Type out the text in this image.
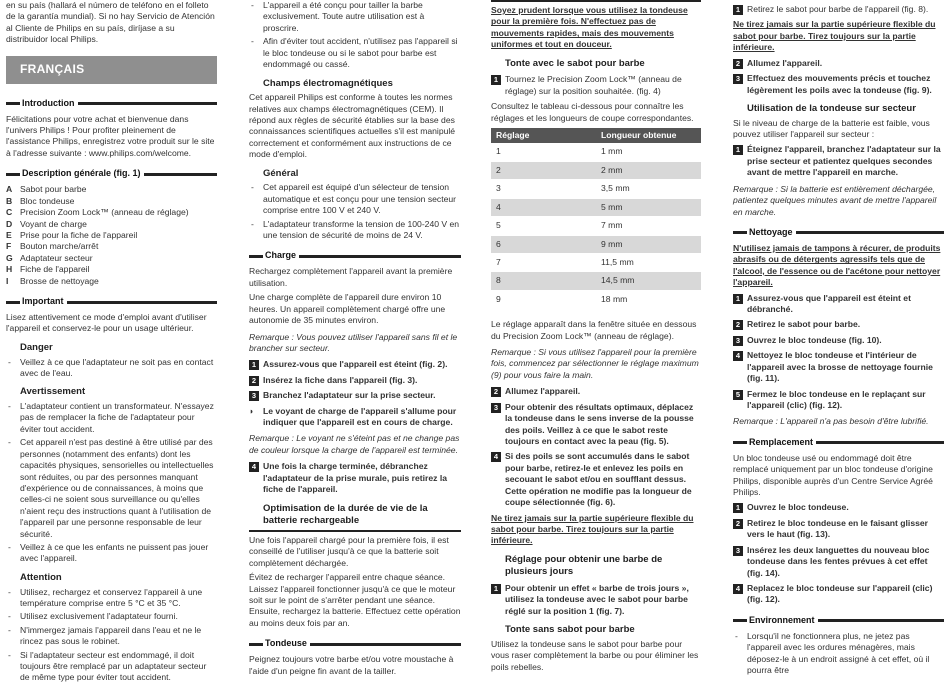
en su país (hallará el número de teléfono en el folleto de la garantía mundial). Si no hay Servicio de Atención al Cliente de Philips en su país, diríjase a su distribuidor local Philips.

FRANÇAIS
Introduction

Félicitations pour votre achat et bienvenue dans l'univers Philips ! Pour profiter pleinement de l'assistance Philips, enregistrez votre produit sur le site à l'adresse suivante : www.philips.com/welcome.

Description générale (fig. 1)
A Sabot pour barbe
B Bloc tondeuse
C Precision Zoom Lock™ (anneau de réglage)
D Voyant de charge
E Prise pour la fiche de l'appareil
F	Bouton marche/arrêt
G Adaptateur secteur
H Fiche de l'appareil
I	Brosse de nettoyage
Important

Lisez attentivement ce mode d'emploi avant d'utiliser l'appareil et conservez-le pour un usage ultérieur.

Danger
- Veillez à ce que l'adaptateur ne soit pas en contact avec de l'eau.
Avertissement
- L'adaptateur contient un transformateur. N'essayez pas de remplacer la fiche de l'adaptateur pour éviter tout accident.
- Cet appareil n'est pas destiné à être utilisé par des personnes (notamment des enfants) dont les capacités physiques, sensorielles ou intellectuelles sont réduites, ou par des personnes manquant d'expérience ou de connaissances, à moins que celles-ci ne soient sous surveillance ou qu'elles n'aient reçu des instructions quant à l'utilisation de l'appareil par une personne responsable de leur sécurité.
- Veillez à ce que les enfants ne puissent pas jouer avec l'appareil.
Attention
- Utilisez, rechargez et conservez l'appareil à une température comprise entre 5 °C et 35 °C.
- Utilisez exclusivement l'adaptateur fourni.
- N'immergez jamais l'appareil dans l'eau et ne le rincez pas sous le robinet.
- Si l'adaptateur secteur est endommagé, il doit toujours être remplacé par un adaptateur secteur de même type pour éviter tout accident.
- L'appareil a été conçu pour tailler la barbe exclusivement. Toute autre utilisation est à proscrire.
- Afin d'éviter tout accident, n'utilisez pas l'appareil si le bloc tondeuse ou si le sabot pour barbe est endommagé ou cassé.
Champs électromagnétiques

Cet appareil Philips est conforme à toutes les normes relatives aux champs électromagnétiques (CEM). Il répond aux règles de sécurité établies sur la base des connaissances scientifiques actuelles s'il est manipulé correctement et conformément aux instructions de ce mode d'emploi.

Général
- Cet appareil est équipé d'un sélecteur de tension automatique et est conçu pour une tension secteur comprise entre 100 V et 240 V.
- L'adaptateur transforme la tension de 100-240 V en une tension de sécurité de moins de 24 V.
Charge

Rechargez complètement l'appareil avant la première utilisation.

Une charge complète de l'appareil dure environ 10 heures. Un appareil complètement chargé offre une autonomie de 35 minutes environ.

Remarque : Vous pouvez utiliser l'appareil sans fil et le brancher sur secteur.

1 Assurez-vous que l'appareil est éteint (fig. 2).
2 Insérez la fiche dans l'appareil (fig. 3).
3 Branchez l'adaptateur sur la prise secteur.
◗	Le voyant de charge de l'appareil s'allume pour indiquer que l'appareil est en cours de charge.

Remarque : Le voyant ne s'éteint pas et ne change pas de couleur lorsque la charge de l'appareil est terminée.

4 Une fois la charge terminée, débranchez l'adaptateur de la prise murale, puis retirez la fiche de l'appareil.
Optimisation de la durée de vie de la batterie rechargeable

Une fois l'appareil chargé pour la première fois, il est conseillé de l'utiliser jusqu'à ce que la batterie soit complètement déchargée.

Évitez de recharger l'appareil entre chaque séance. Laissez l'appareil fonctionner jusqu'à ce que le moteur soit sur le point de s'arrêter pendant une séance. Ensuite, rechargez la batterie. Effectuez cette opération au moins deux fois par an.

Tondeuse

Peignez toujours votre barbe et/ou votre moustache à l'aide d'un peigne fin avant de la tailler.

Soyez prudent lorsque vous utilisez la tondeuse pour la première fois. N'effectuez pas de mouvements rapides, mais des mouvements uniformes et tout en douceur.

Tonte avec le sabot pour barbe
1 Tournez le Precision Zoom Lock™ (anneau de réglage) sur la position souhaitée. (fig. 4)

Consultez le tableau ci-dessous pour connaître les réglages et les longueurs de coupe correspondantes.

Réglage	Longueur obtenue
1	1 mm
2	2 mm
3	3,5 mm
4	5 mm
5	7 mm
6	9 mm
7	11,5 mm
8	14,5 mm
9	18 mm

Le réglage apparaît dans la fenêtre située en dessous du Precision Zoom Lock™ (anneau de réglage).

Remarque : Si vous utilisez l'appareil pour la première fois, commencez par sélectionner le réglage maximum (9) pour vous faire la main.

2 Allumez l'appareil.
3 Pour obtenir des résultats optimaux, déplacez la tondeuse dans le sens inverse de la pousse des poils. Veillez à ce que le sabot reste toujours en contact avec la peau (fig. 5).
4 Si des poils se sont accumulés dans le sabot pour barbe, retirez-le et enlevez les poils en secouant le sabot et/ou en soufflant dessus. Cette opération ne modifie pas la longueur de coupe sélectionnée (fig. 6).

Ne tirez jamais sur la partie supérieure flexible du sabot pour barbe. Tirez toujours sur la partie inférieure.

Réglage pour obtenir une barbe de plusieurs jours
1 Pour obtenir un effet « barbe de trois jours », utilisez la tondeuse avec le sabot pour barbe réglé sur la position 1 (fig. 7).
Tonte sans sabot pour barbe

Utilisez la tondeuse sans le sabot pour barbe pour vous raser complètement la barbe ou pour éliminer les poils rebelles.

1 Retirez le sabot pour barbe de l'appareil (fig. 8).

Ne tirez jamais sur la partie supérieure flexible du sabot pour barbe. Tirez toujours sur la partie inférieure.

2 Allumez l'appareil.
3 Effectuez des mouvements précis et touchez légèrement les poils avec la tondeuse (fig. 9).
Utilisation de la tondeuse sur secteur

Si le niveau de charge de la batterie est faible, vous pouvez utiliser l'appareil sur secteur :

1 Éteignez l'appareil, branchez l'adaptateur sur la prise secteur et patientez quelques secondes avant de mettre l'appareil en marche.

Remarque : Si la batterie est entièrement déchargée, patientez quelques minutes avant de mettre l'appareil en marche.

Nettoyage

N'utilisez jamais de tampons à récurer, de produits abrasifs ou de détergents agressifs tels que de l'alcool, de l'essence ou de l'acétone pour nettoyer l'appareil.

1 Assurez-vous que l'appareil est éteint et débranché.
2 Retirez le sabot pour barbe.
3 Ouvrez le bloc tondeuse (fig. 10).
4 Nettoyez le bloc tondeuse et l'intérieur de l'appareil avec la brosse de nettoyage fournie (fig. 11).
5 Fermez le bloc tondeuse en le replaçant sur l'appareil (clic) (fig. 12).

Remarque : L'appareil n'a pas besoin d'être lubrifié.

Remplacement

Un bloc tondeuse usé ou endommagé doit être remplacé uniquement par un bloc tondeuse d'origine Philips, disponible auprès d'un Centre Service Agréé Philips.

1 Ouvrez le bloc tondeuse.
2 Retirez le bloc tondeuse en le faisant glisser vers le haut (fig. 13).
3 Insérez les deux languettes du nouveau bloc tondeuse dans les fentes prévues à cet effet (fig. 14).
4 Replacez le bloc tondeuse sur l'appareil (clic) (fig. 12).
Environnement
- Lorsqu'il ne fonctionnera plus, ne jetez pas l'appareil avec les ordures ménagères, mais déposez-le à un endroit assigné à cet effet, où il pourra être
